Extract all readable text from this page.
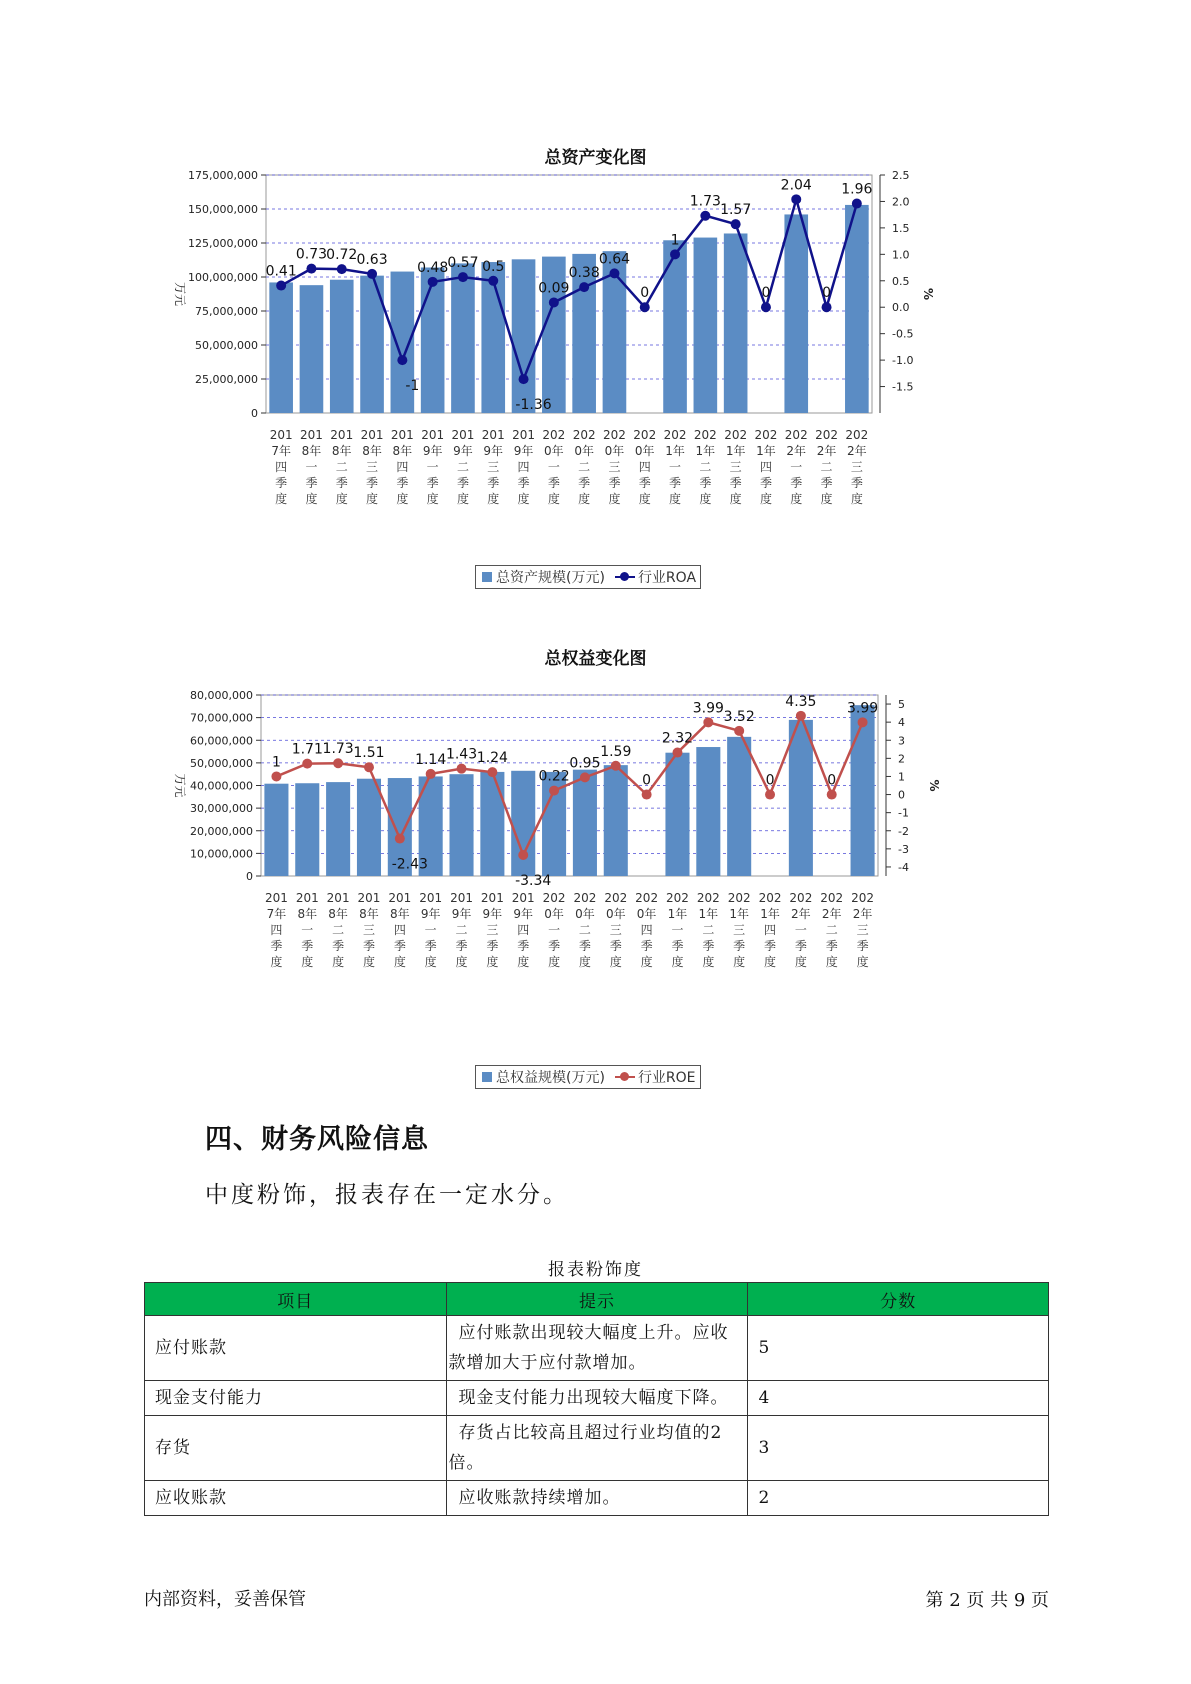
总资产变化图
0
25,000,000
50,000,000
75,000,000
100,000,000
125,000,000
150,000,000
175,000,000
万元
-1.5
-1.0
-0.5
0.0
0.5
1.0
1.5
2.0
2.5
%
201 7年四季度
201 8年一季度
201 8年二季度
201 8年三季度
201 8年四季度
201 9年一季度
201 9年二季度
201 9年三季度
201 9年四季度
202 0年一季度
202 0年二季度
202 0年三季度
202 0年四季度
202 1年一季度
202 1年二季度
202 1年三季度
202 1年四季度
202 2年一季度
202 2年二季度
202 2年三季度
0.41
0.73 0.72 0.63
-1
0.48 0.57 0.5
-1.36
0.09
0.38
0.64
0
1
1.73
1.57
0
2.04
0
1.96
总资产规模(万元) 行业ROA
总权益变化图
0
10,000,000
20,000,000
30,000,000
40,000,000
50,000,000
60,000,000
70,000,000
80,000,000
万元
-4
-3
-2
-1
0
1
2
3
4
5
%
201 7年四季度
201 8年一季度
201 8年二季度
201 8年三季度
201 8年四季度
201 9年一季度
201 9年二季度
201 9年三季度
201 9年四季度
202 0年一季度
202 0年二季度
202 0年三季度
202 0年四季度
202 1年一季度
202 1年二季度
202 1年三季度
202 1年四季度
202 2年一季度
202 2年二季度
202 2年三季度
1
1.71 1.73 1.51
-2.43
1.14 1.43 1.24
-3.34
0.22
0.95
1.59
0
2.32
3.99
3.52
0
4.35
0
3.99
总权益规模(万元) 行业ROE
四、财务风险信息
中度粉饰，报表存在一定水分。
报表粉饰度
项目	提示	分数
应付账款	应付账款出现较大幅度上升。应收款增加大于应付款增加。	5
现金支付能力	现金支付能力出现较大幅度下降。	4
存货	存货占比较高且超过行业均值的2倍。	3
应收账款	应收账款持续增加。	2
内部资料，妥善保管	第 2 页 共 9 页
